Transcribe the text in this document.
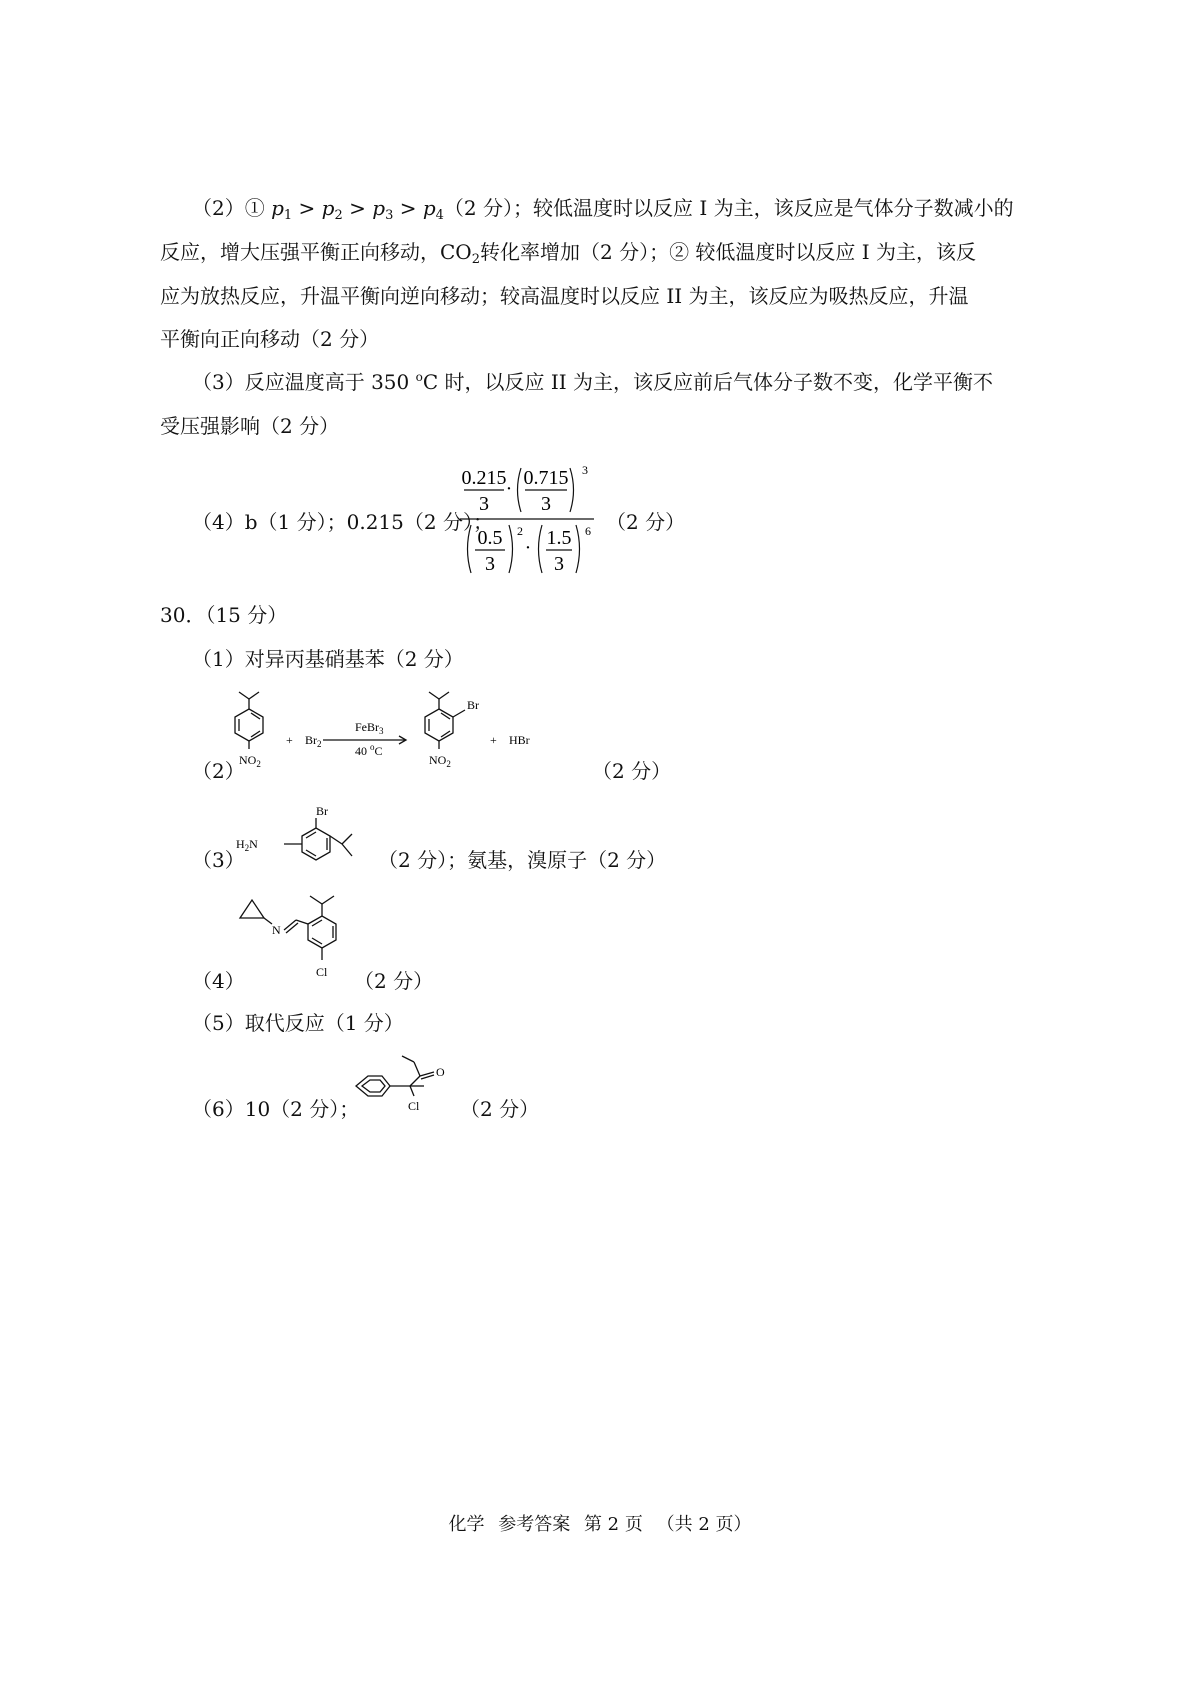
（2）① $p_1 > p_2 > p_3 > p_4(2$ 分）；较低温度时以反应 I 为主，该反应是气体分子数减小的
反应，增大压强平衡正向移动，$CO_2$转化率增加（2 分）；② 较低温度时以反应 I 为主，该反
应为放热反应，升温平衡向逆向移动；较高温度时以反应 II 为主，该反应为吸热反应，升温
平衡向正向移动（2 分）
（3）反应温度高于 350 $^o$C 时，以反应 II 为主，该反应前后气体分子数不变，化学平衡不
受压强影响（2 分）
（4）b（1 分）；0.215（2 分）；
0.215
3
· 0.715
3
3
0.5
3
2
· 1.5
3
6 （2 分）
30．（15 分）
（1）对异丙基硝基苯（2 分）
$NO_2$
+ $Br_2$
FeBr$_3$
40 $^o$C
Br
$NO_2$
+ HBr
（2）	（2 分）
Br
$H_2N$
（3）	（2 分）；氨基，溴原子（2 分）
N
Cl
（4）	（2 分）
（5）取代反应（1 分）
O
Cl
（6）10（2 分）；	（2 分）
化学 参考答案 第 2 页 （共 2 页）
